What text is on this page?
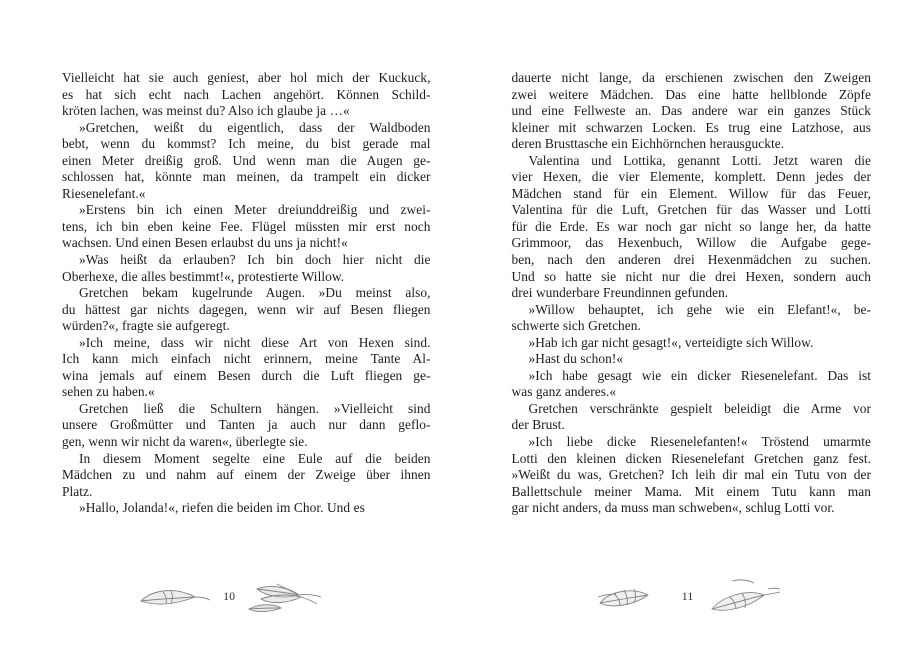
Vielleicht hat sie auch geniest, aber hol mich der Kuckuck,
es hat sich echt nach Lachen angehört. Können Schild-
kröten lachen, was meinst du? Also ich glaube ja …«

»Gretchen, weißt du eigentlich, dass der Waldboden
bebt, wenn du kommst? Ich meine, du bist gerade mal
einen Meter dreißig groß. Und wenn man die Augen ge-
schlossen hat, könnte man meinen, da trampelt ein dicker
Riesenelefant.«

»Erstens bin ich einen Meter dreiunddreißig und zwei-
tens, ich bin eben keine Fee. Flügel müssten mir erst noch
wachsen. Und einen Besen erlaubst du uns ja nicht!«

»Was heißt da erlauben? Ich bin doch hier nicht die
Oberhexe, die alles bestimmt!«, protestierte Willow.

Gretchen bekam kugelrunde Augen. »Du meinst also,
du hättest gar nichts dagegen, wenn wir auf Besen fliegen
würden?«, fragte sie aufgeregt.

»Ich meine, dass wir nicht diese Art von Hexen sind.
Ich kann mich einfach nicht erinnern, meine Tante Al-
wina jemals auf einem Besen durch die Luft fliegen ge-
sehen zu haben.«

Gretchen ließ die Schultern hängen. »Vielleicht sind
unsere Großmütter und Tanten ja auch nur dann geflo-
gen, wenn wir nicht da waren«, überlegte sie.

In diesem Moment segelte eine Eule auf die beiden
Mädchen zu und nahm auf einem der Zweige über ihnen
Platz.

»Hallo, Jolanda!«, riefen die beiden im Chor. Und es

10

dauerte nicht lange, da erschienen zwischen den Zweigen
zwei weitere Mädchen. Das eine hatte hellblonde Zöpfe
und eine Fellweste an. Das andere war ein ganzes Stück
kleiner mit schwarzen Locken. Es trug eine Latzhose, aus
deren Brusttasche ein Eichhörnchen herausguckte.

Valentina und Lottika, genannt Lotti. Jetzt waren die
vier Hexen, die vier Elemente, komplett. Denn jedes der
Mädchen stand für ein Element. Willow für das Feuer,
Valentina für die Luft, Gretchen für das Wasser und Lotti
für die Erde. Es war noch gar nicht so lange her, da hatte
Grimmoor, das Hexenbuch, Willow die Aufgabe gege-
ben, nach den anderen drei Hexenmädchen zu suchen.
Und so hatte sie nicht nur die drei Hexen, sondern auch
drei wunderbare Freundinnen gefunden.

»Willow behauptet, ich gehe wie ein Elefant!«, be-
schwerte sich Gretchen.

»Hab ich gar nicht gesagt!«, verteidigte sich Willow.

»Hast du schon!«

»Ich habe gesagt wie ein dicker Riesenelefant. Das ist
was ganz anderes.«

Gretchen verschränkte gespielt beleidigt die Arme vor
der Brust.

»Ich liebe dicke Riesenelefanten!« Tröstend umarmte
Lotti den kleinen dicken Riesenelefant Gretchen ganz fest.
»Weißt du was, Gretchen? Ich leih dir mal ein Tutu von der
Ballettschule meiner Mama. Mit einem Tutu kann man
gar nicht anders, da muss man schweben«, schlug Lotti vor.

11
